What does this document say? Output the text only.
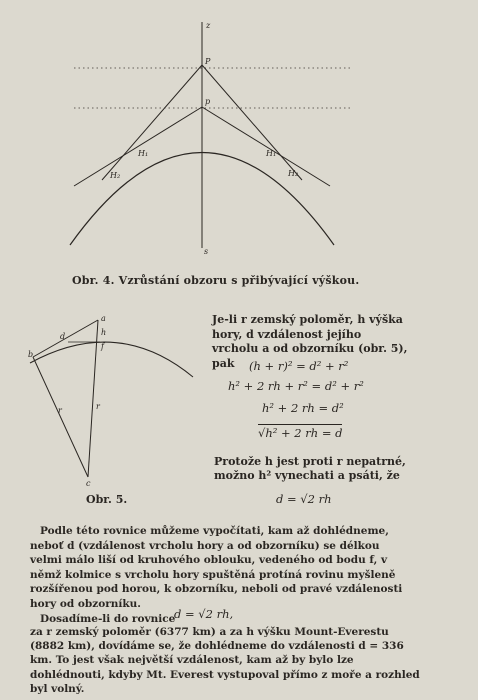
z
s
P
p
H₁	H₁
H₂	H₂
Obr. 4. Vzrůstání obzoru s přibývající výškou.
a
h
f
d
b
r	r
c
Obr. 5.
Je-li r zemský poloměr, h výška hory, d vzdálenost jejího vrcholu a od obzorníku (obr. 5), pak	(h + r)² = d² + r²
h² + 2 rh + r² = d² + r²
h² + 2 rh = d²
√h² + 2 rh = d
Protože h jest proti r nepatrné, možno h² vynechati a psáti, že
d = √2 rh

Podle této rovnice můžeme vypočítati, kam až dohlédneme, neboť d (vzdálenost vrcholu hory a od obzorníku) se délkou velmi málo liší od kruhového oblouku, vedeného od bodu f, v němž kolmice s vrcholu hory spuštěná protíná rovinu myšleně rozšířenou pod horou, k obzorníku, neboli od pravé vzdálenosti hory od obzorníku.

Dosadíme-li do rovnice

d = √2 rh,
za r zemský poloměr (6377 km) a za h výšku Mount-Everestu (8882 km), dovídáme se, že dohlédneme do vzdálenosti d = 336 km. To jest však největší vzdálenost, kam až by bylo lze dohlédnouti, kdyby Mt. Everest vystupoval přímo z moře a rozhled byl volný.
